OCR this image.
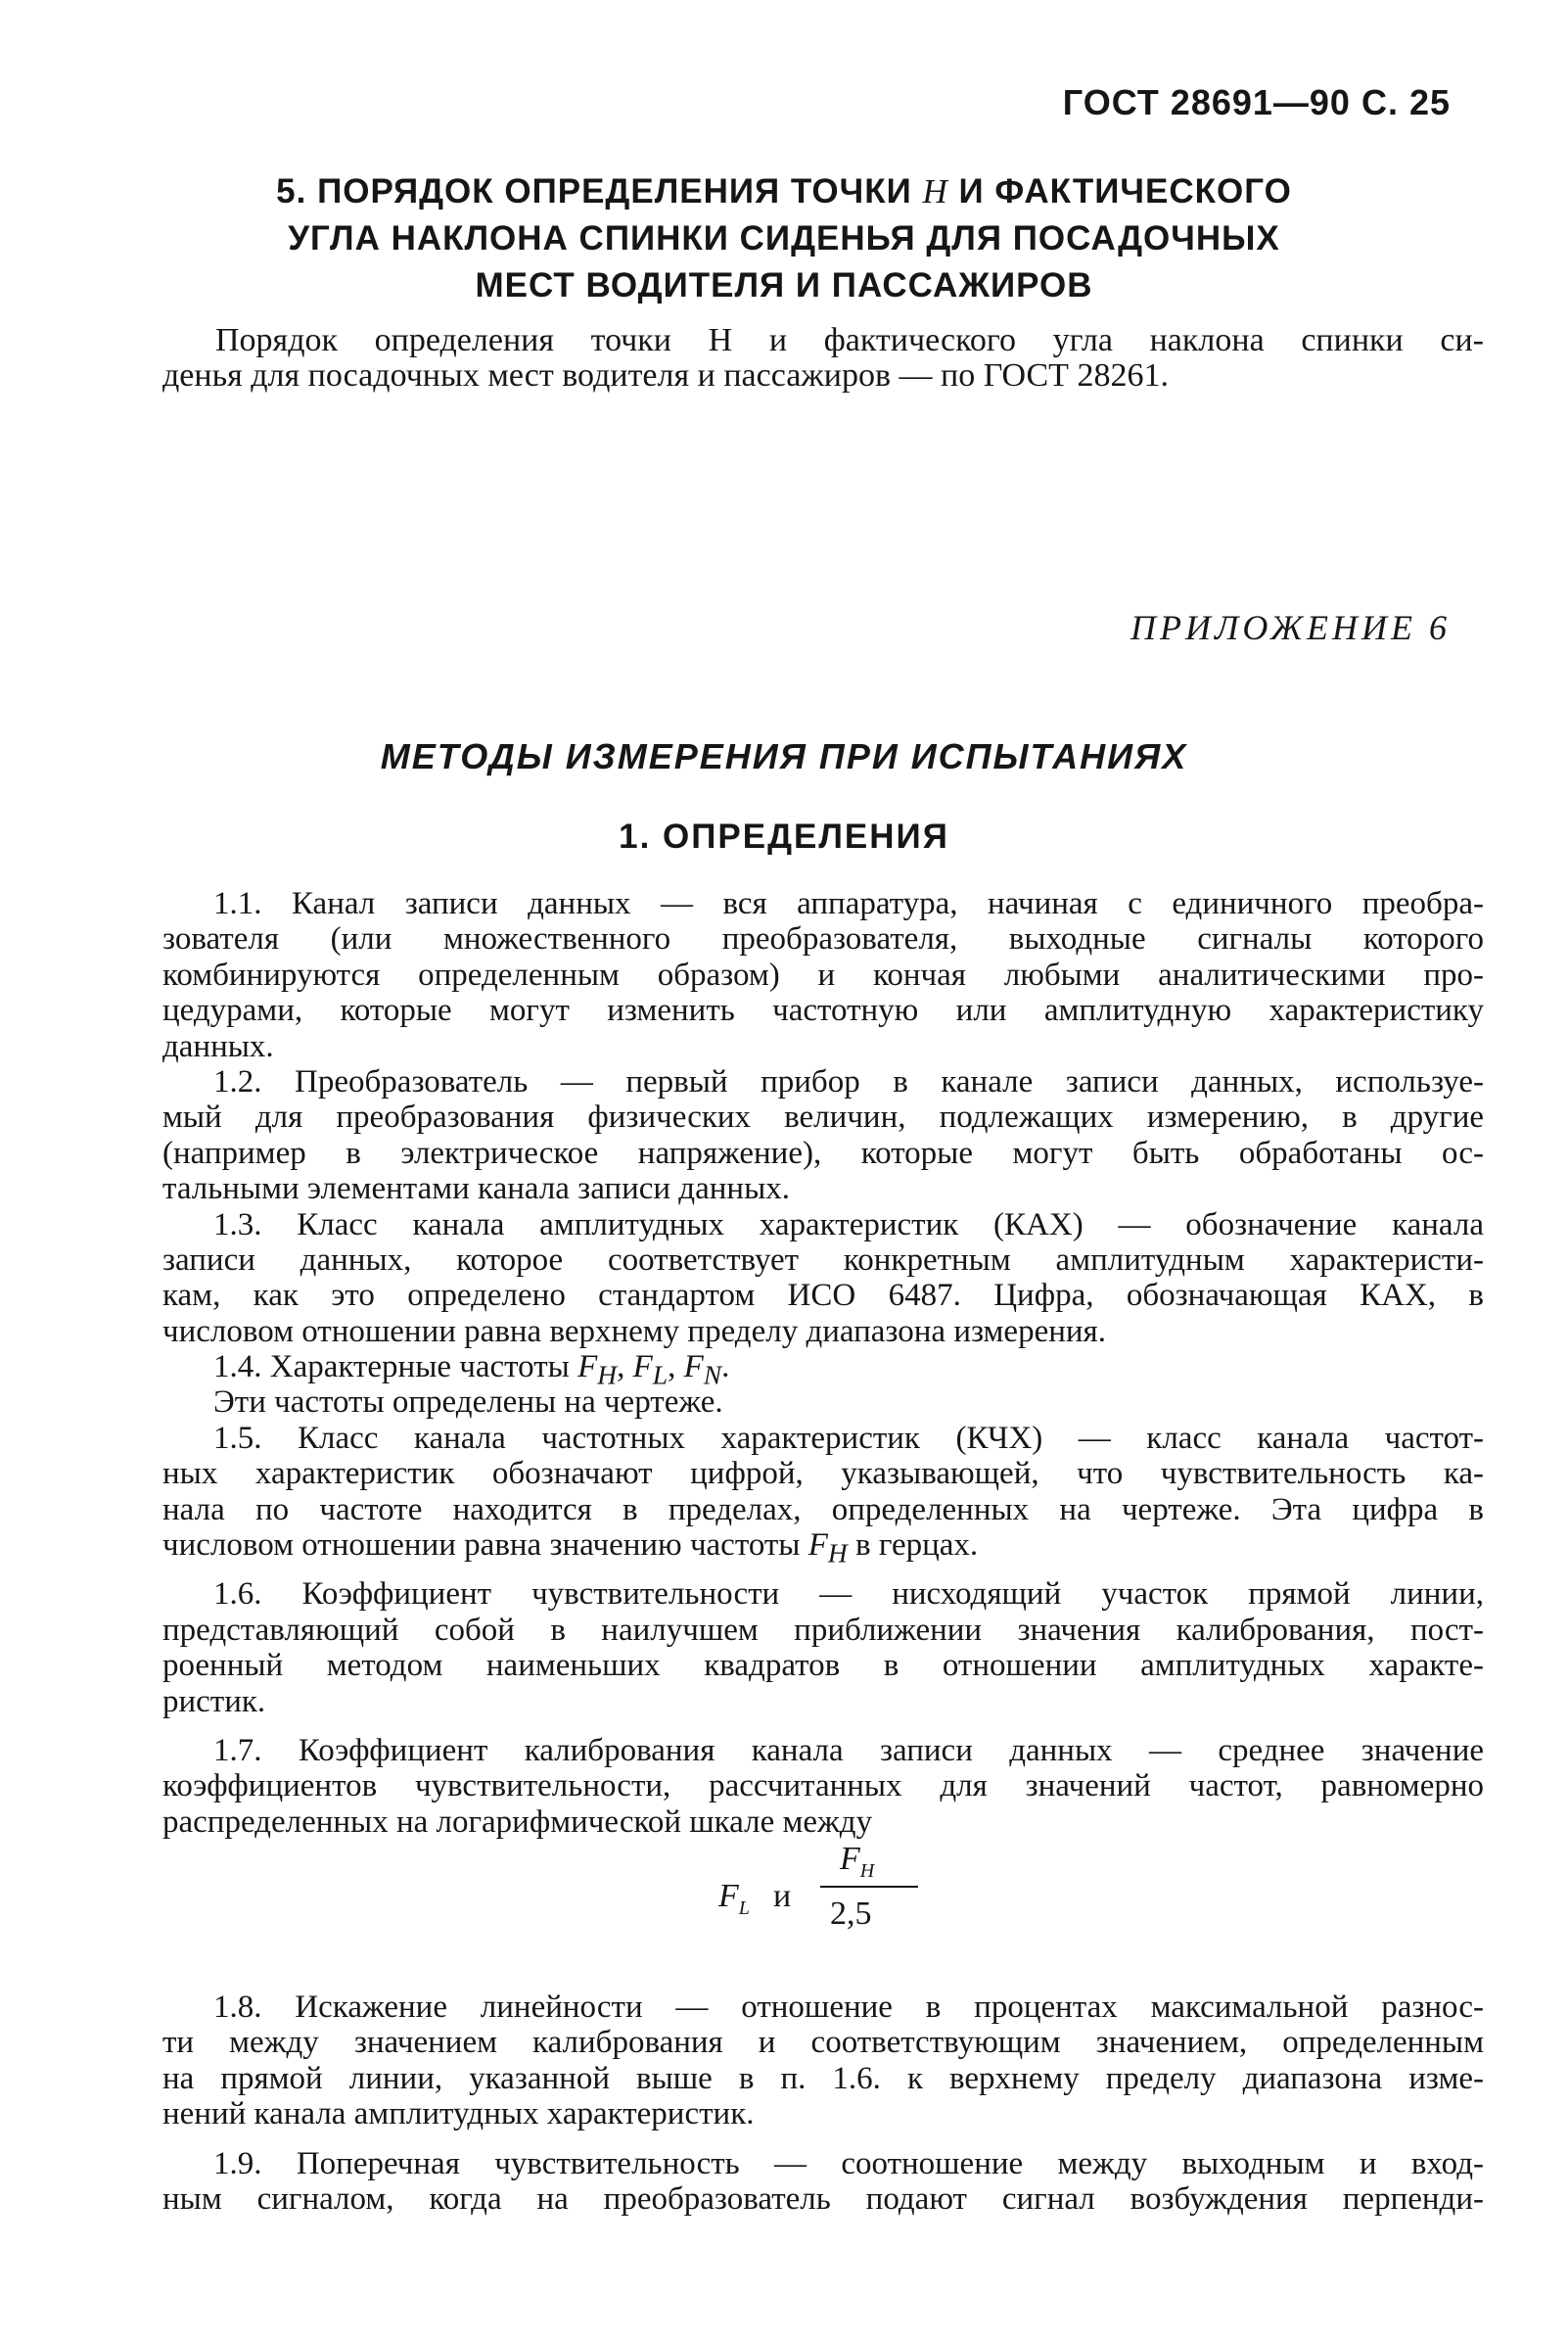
ГОСТ 28691—90 С. 25
5. ПОРЯДОК ОПРЕДЕЛЕНИЯ ТОЧКИ H И ФАКТИЧЕСКОГО
УГЛА НАКЛОНА СПИНКИ СИДЕНЬЯ ДЛЯ ПОСАДОЧНЫХ
МЕСТ ВОДИТЕЛЯ И ПАССАЖИРОВ
Порядок определения точки H и фактического угла наклона спинки си-
денья для посадочных мест водителя и пассажиров — по ГОСТ 28261.
ПРИЛОЖЕНИЕ 6
МЕТОДЫ ИЗМЕРЕНИЯ ПРИ ИСПЫТАНИЯХ
1. ОПРЕДЕЛЕНИЯ
1.1. Канал записи данных — вся аппаратура, начиная с единичного преобра-
зователя (или множественного преобразователя, выходные сигналы которого
комбинируются определенным образом) и кончая любыми аналитическими про-
цедурами, которые могут изменить частотную или амплитудную характеристику
данных.
1.2. Преобразователь — первый прибор в канале записи данных, используе-
мый для преобразования физических величин, подлежащих измерению, в другие
(например в электрическое напряжение), которые могут быть обработаны ос-
тальными элементами канала записи данных.
1.3. Класс канала амплитудных характеристик (КАХ) — обозначение канала
записи данных, которое соответствует конкретным амплитудным характеристи-
кам, как это определено стандартом ИСО 6487. Цифра, обозначающая КАХ, в
числовом отношении равна верхнему пределу диапазона измерения.
1.4. Характерные частоты $F_H$, $F_L$, $F_N$.
Эти частоты определены на чертеже.
1.5. Класс канала частотных характеристик (КЧХ) — класс канала частот-
ных характеристик обозначают цифрой, указывающей, что чувствительность ка-
нала по частоте находится в пределах, определенных на чертеже. Эта цифра в
числовом отношении равна значению частоты $F_H$ в герцах.
1.6. Коэффициент чувствительности — нисходящий участок прямой линии,
представляющий собой в наилучшем приближении значения калибрования, пост-
роенный методом наименьших квадратов в отношении амплитудных характе-
ристик.
1.7. Коэффициент калибрования канала записи данных — среднее значение
коэффициентов чувствительности, рассчитанных для значений частот, равномерно
распределенных на логарифмической шкале между
$F_L$ и
$F_H$
2,5
1.8. Искажение линейности — отношение в процентах максимальной разнос-
ти между значением калибрования и соответствующим значением, определенным
на прямой линии, указанной выше в п. 1.6. к верхнему пределу диапазона изме-
нений канала амплитудных характеристик.
1.9. Поперечная чувствительность — соотношение между выходным и вход-
ным сигналом, когда на преобразователь подают сигнал возбуждения перпенди-
